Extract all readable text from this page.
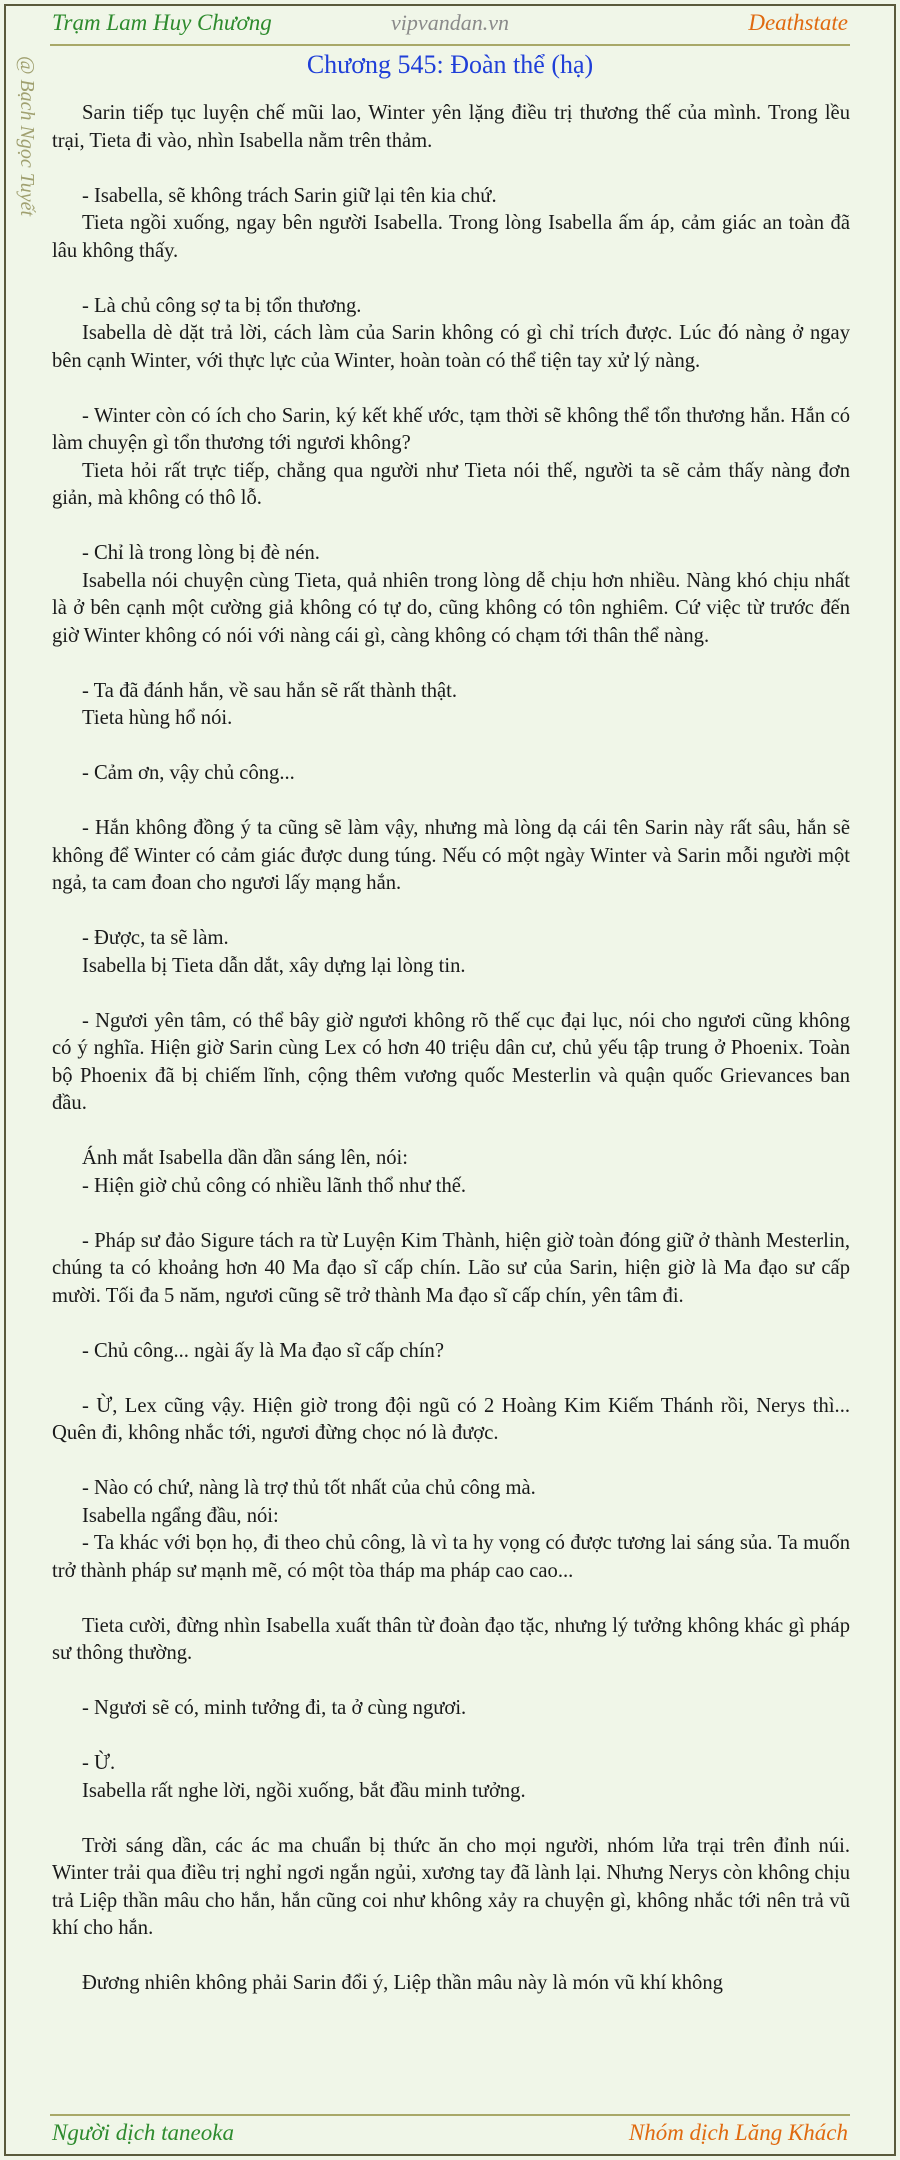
Trạm Lam Huy Chương	vipvandan.vn	Deathstate
@ Bạch Ngọc Tuyết	Chương 545: Đoàn thể (hạ)

Sarin tiếp tục luyện chế mũi lao, Winter yên lặng điều trị thương thế của mình. Trong lều trại, Tieta đi vào, nhìn Isabella nằm trên thảm.

- Isabella, sẽ không trách Sarin giữ lại tên kia chứ.

Tieta ngồi xuống, ngay bên người Isabella. Trong lòng Isabella ấm áp, cảm giác an toàn đã lâu không thấy.

- Là chủ công sợ ta bị tổn thương.

Isabella dè dặt trả lời, cách làm của Sarin không có gì chỉ trích được. Lúc đó nàng ở ngay bên cạnh Winter, với thực lực của Winter, hoàn toàn có thể tiện tay xử lý nàng.

- Winter còn có ích cho Sarin, ký kết khế ước, tạm thời sẽ không thể tổn thương hắn. Hắn có làm chuyện gì tổn thương tới ngươi không?

Tieta hỏi rất trực tiếp, chẳng qua người như Tieta nói thế, người ta sẽ cảm thấy nàng đơn giản, mà không có thô lỗ.

- Chỉ là trong lòng bị đè nén.

Isabella nói chuyện cùng Tieta, quả nhiên trong lòng dễ chịu hơn nhiều. Nàng khó chịu nhất là ở bên cạnh một cường giả không có tự do, cũng không có tôn nghiêm. Cứ việc từ trước đến giờ Winter không có nói với nàng cái gì, càng không có chạm tới thân thể nàng.

- Ta đã đánh hắn, về sau hắn sẽ rất thành thật.

Tieta hùng hổ nói.

- Cảm ơn, vậy chủ công...

- Hắn không đồng ý ta cũng sẽ làm vậy, nhưng mà lòng dạ cái tên Sarin này rất sâu, hắn sẽ không để Winter có cảm giác được dung túng. Nếu có một ngày Winter và Sarin mỗi người một ngả, ta cam đoan cho ngươi lấy mạng hắn.

- Được, ta sẽ làm.

Isabella bị Tieta dẫn dắt, xây dựng lại lòng tin.

- Ngươi yên tâm, có thể bây giờ ngươi không rõ thế cục đại lục, nói cho ngươi cũng không có ý nghĩa. Hiện giờ Sarin cùng Lex có hơn 40 triệu dân cư, chủ yếu tập trung ở Phoenix. Toàn bộ Phoenix đã bị chiếm lĩnh, cộng thêm vương quốc Mesterlin và quận quốc Grievances ban đầu.

Ánh mắt Isabella dần dần sáng lên, nói:

- Hiện giờ chủ công có nhiều lãnh thổ như thế.

- Pháp sư đảo Sigure tách ra từ Luyện Kim Thành, hiện giờ toàn đóng giữ ở thành Mesterlin, chúng ta có khoảng hơn 40 Ma đạo sĩ cấp chín. Lão sư của Sarin, hiện giờ là Ma đạo sư cấp mười. Tối đa 5 năm, ngươi cũng sẽ trở thành Ma đạo sĩ cấp chín, yên tâm đi.

- Chủ công... ngài ấy là Ma đạo sĩ cấp chín?

- Ừ, Lex cũng vậy. Hiện giờ trong đội ngũ có 2 Hoàng Kim Kiếm Thánh rồi, Nerys thì... Quên đi, không nhắc tới, ngươi đừng chọc nó là được.

- Nào có chứ, nàng là trợ thủ tốt nhất của chủ công mà.

Isabella ngẩng đầu, nói:

- Ta khác với bọn họ, đi theo chủ công, là vì ta hy vọng có được tương lai sáng sủa. Ta muốn trở thành pháp sư mạnh mẽ, có một tòa tháp ma pháp cao cao...

Tieta cười, đừng nhìn Isabella xuất thân từ đoàn đạo tặc, nhưng lý tưởng không khác gì pháp sư thông thường.

- Ngươi sẽ có, minh tưởng đi, ta ở cùng ngươi.

- Ừ.

Isabella rất nghe lời, ngồi xuống, bắt đầu minh tưởng.

Trời sáng dần, các ác ma chuẩn bị thức ăn cho mọi người, nhóm lửa trại trên đỉnh núi. Winter trải qua điều trị nghỉ ngơi ngắn ngủi, xương tay đã lành lại. Nhưng Nerys còn không chịu trả Liệp thần mâu cho hắn, hắn cũng coi như không xảy ra chuyện gì, không nhắc tới nên trả vũ khí cho hắn.

Đương nhiên không phải Sarin đổi ý, Liệp thần mâu này là món vũ khí không

Người dịch taneoka	Nhóm dịch Lăng Khách
